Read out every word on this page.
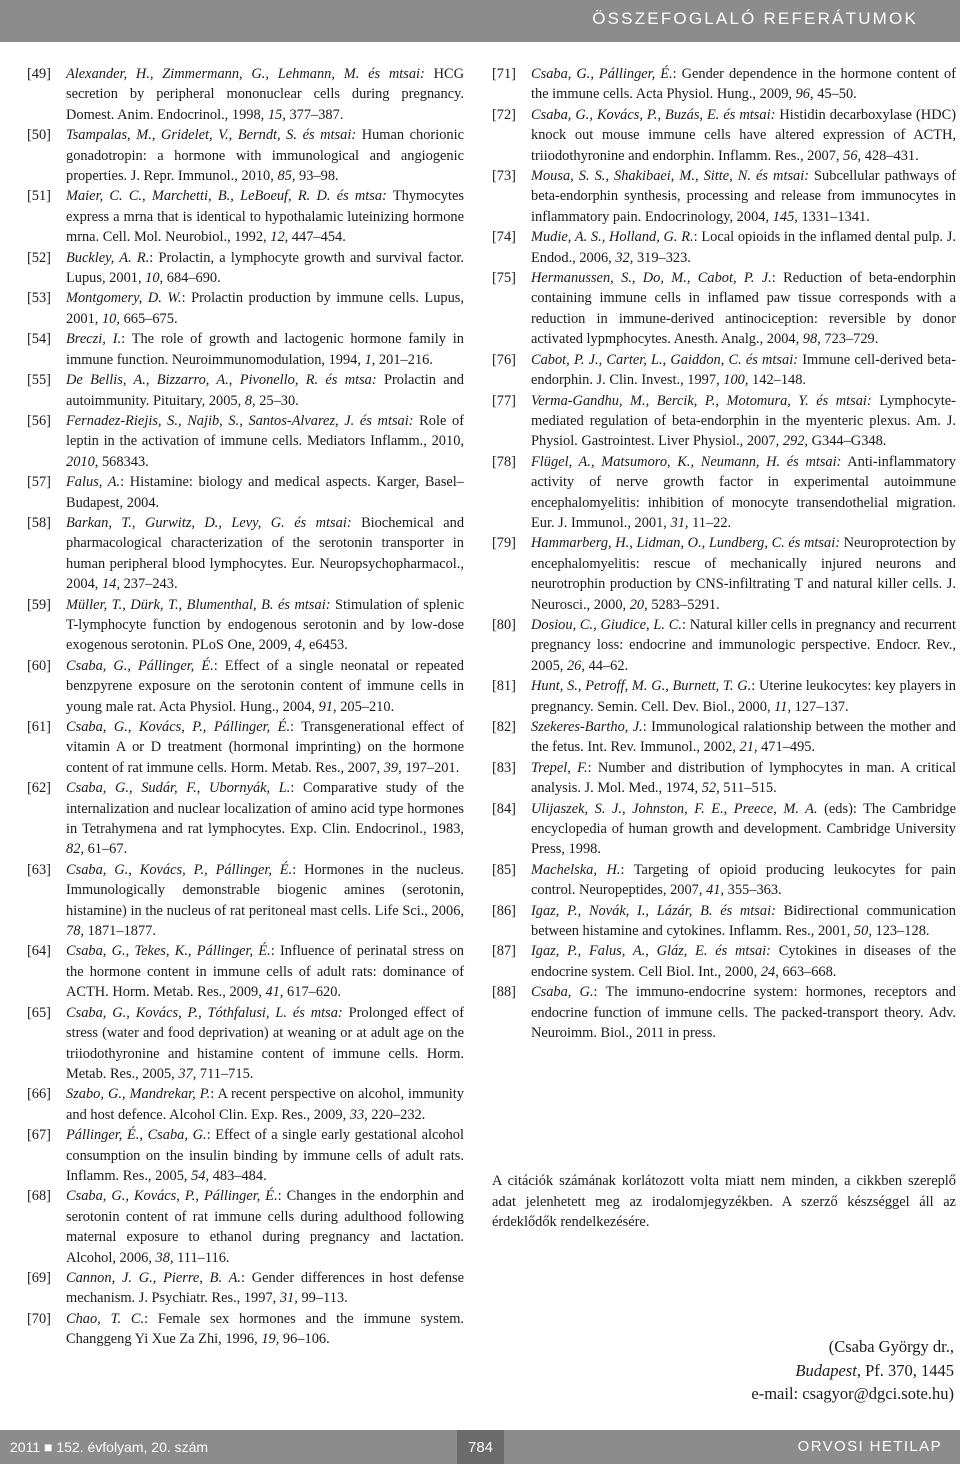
ÖSSZEFOGLALÓ REFERÁTUMOK

[49] Alexander, H., Zimmermann, G., Lehmann, M. és mtsai: HCG secretion by peripheral mononuclear cells during pregnancy. Domest. Anim. Endocrinol., 1998, 15, 377–387.

[50] Tsampalas, M., Gridelet, V., Berndt, S. és mtsai: Human chorionic gonadotropin: a hormone with immunological and angiogenic properties. J. Repr. Immunol., 2010, 85, 93–98.

[51] Maier, C. C., Marchetti, B., LeBoeuf, R. D. és mtsa: Thymocytes express a mrna that is identical to hypothalamic luteinizing hormone mrna. Cell. Mol. Neurobiol., 1992, 12, 447–454.

[52] Buckley, A. R.: Prolactin, a lymphocyte growth and survival factor. Lupus, 2001, 10, 684–690.

[53] Montgomery, D. W.: Prolactin production by immune cells. Lupus, 2001, 10, 665–675.

[54] Breczi, I.: The role of growth and lactogenic hormone family in immune function. Neuroimmunomodulation, 1994, 1, 201–216.

[55] De Bellis, A., Bizzarro, A., Pivonello, R. és mtsa: Prolactin and autoimmunity. Pituitary, 2005, 8, 25–30.

[56] Fernadez-Riejis, S., Najib, S., Santos-Alvarez, J. és mtsai: Role of leptin in the activation of immune cells. Mediators Inflamm., 2010, 2010, 568343.

[57] Falus, A.: Histamine: biology and medical aspects. Karger, Basel–Budapest, 2004.

[58] Barkan, T., Gurwitz, D., Levy, G. és mtsai: Biochemical and pharmacological characterization of the serotonin transporter in human peripheral blood lymphocytes. Eur. Neuropsychopharmacol., 2004, 14, 237–243.

[59] Müller, T., Dürk, T., Blumenthal, B. és mtsai: Stimulation of splenic T-lymphocyte function by endogenous serotonin and by low-dose exogenous serotonin. PLoS One, 2009, 4, e6453.

[60] Csaba, G., Pállinger, É.: Effect of a single neonatal or repeated benzpyrene exposure on the serotonin content of immune cells in young male rat. Acta Physiol. Hung., 2004, 91, 205–210.

[61] Csaba, G., Kovács, P., Pállinger, É.: Transgenerational effect of vitamin A or D treatment (hormonal imprinting) on the hormone content of rat immune cells. Horm. Metab. Res., 2007, 39, 197–201.

[62] Csaba, G., Sudár, F., Ubornyák, L.: Comparative study of the internalization and nuclear localization of amino acid type hormones in Tetrahymena and rat lymphocytes. Exp. Clin. Endocrinol., 1983, 82, 61–67.

[63] Csaba, G., Kovács, P., Pállinger, É.: Hormones in the nucleus. Immunologically demonstrable biogenic amines (serotonin, histamine) in the nucleus of rat peritoneal mast cells. Life Sci., 2006, 78, 1871–1877.

[64] Csaba, G., Tekes, K., Pállinger, É.: Influence of perinatal stress on the hormone content in immune cells of adult rats: dominance of ACTH. Horm. Metab. Res., 2009, 41, 617–620.

[65] Csaba, G., Kovács, P., Tóthfalusi, L. és mtsa: Prolonged effect of stress (water and food deprivation) at weaning or at adult age on the triiodothyronine and histamine content of immune cells. Horm. Metab. Res., 2005, 37, 711–715.

[66] Szabo, G., Mandrekar, P.: A recent perspective on alcohol, immunity and host defence. Alcohol Clin. Exp. Res., 2009, 33, 220–232.

[67] Pállinger, É., Csaba, G.: Effect of a single early gestational alcohol consumption on the insulin binding by immune cells of adult rats. Inflamm. Res., 2005, 54, 483–484.

[68] Csaba, G., Kovács, P., Pállinger, É.: Changes in the endorphin and serotonin content of rat immune cells during adulthood following maternal exposure to ethanol during pregnancy and lactation. Alcohol, 2006, 38, 111–116.

[69] Cannon, J. G., Pierre, B. A.: Gender differences in host defense mechanism. J. Psychiatr. Res., 1997, 31, 99–113.

[70] Chao, T. C.: Female sex hormones and the immune system. Changgeng Yi Xue Za Zhi, 1996, 19, 96–106.

[71] Csaba, G., Pállinger, É.: Gender dependence in the hormone content of the immune cells. Acta Physiol. Hung., 2009, 96, 45–50.

[72] Csaba, G., Kovács, P., Buzás, E. és mtsai: Histidin decarboxylase (HDC) knock out mouse immune cells have altered expression of ACTH, triiodothyronine and endorphin. Inflamm. Res., 2007, 56, 428–431.

[73] Mousa, S. S., Shakibaei, M., Sitte, N. és mtsai: Subcellular pathways of beta-endorphin synthesis, processing and release from immunocytes in inflammatory pain. Endocrinology, 2004, 145, 1331–1341.

[74] Mudie, A. S., Holland, G. R.: Local opioids in the inflamed dental pulp. J. Endod., 2006, 32, 319–323.

[75] Hermanussen, S., Do, M., Cabot, P. J.: Reduction of beta-endorphin containing immune cells in inflamed paw tissue corresponds with a reduction in immune-derived antinociception: reversible by donor activated lypmphocytes. Anesth. Analg., 2004, 98, 723–729.

[76] Cabot, P. J., Carter, L., Gaiddon, C. és mtsai: Immune cell-derived beta-endorphin. J. Clin. Invest., 1997, 100, 142–148.

[77] Verma-Gandhu, M., Bercik, P., Motomura, Y. és mtsai: Lymphocyte-mediated regulation of beta-endorphin in the myenteric plexus. Am. J. Physiol. Gastrointest. Liver Physiol., 2007, 292, G344–G348.

[78] Flügel, A., Matsumoro, K., Neumann, H. és mtsai: Anti-inflammatory activity of nerve growth factor in experimental autoimmune encephalomyelitis: inhibition of monocyte transendothelial migration. Eur. J. Immunol., 2001, 31, 11–22.

[79] Hammarberg, H., Lidman, O., Lundberg, C. és mtsai: Neuroprotection by encephalomyelitis: rescue of mechanically injured neurons and neurotrophin production by CNS-infiltrating T and natural killer cells. J. Neurosci., 2000, 20, 5283–5291.

[80] Dosiou, C., Giudice, L. C.: Natural killer cells in pregnancy and recurrent pregnancy loss: endocrine and immunologic perspective. Endocr. Rev., 2005, 26, 44–62.

[81] Hunt, S., Petroff, M. G., Burnett, T. G.: Uterine leukocytes: key players in pregnancy. Semin. Cell. Dev. Biol., 2000, 11, 127–137.

[82] Szekeres-Bartho, J.: Immunological ralationship between the mother and the fetus. Int. Rev. Immunol., 2002, 21, 471–495.

[83] Trepel, F.: Number and distribution of lymphocytes in man. A critical analysis. J. Mol. Med., 1974, 52, 511–515.

[84] Ulijaszek, S. J., Johnston, F. E., Preece, M. A. (eds): The Cambridge encyclopedia of human growth and development. Cambridge University Press, 1998.

[85] Machelska, H.: Targeting of opioid producing leukocytes for pain control. Neuropeptides, 2007, 41, 355–363.

[86] Igaz, P., Novák, I., Lázár, B. és mtsai: Bidirectional communication between histamine and cytokines. Inflamm. Res., 2001, 50, 123–128.

[87] Igaz, P., Falus, A., Gláz, E. és mtsai: Cytokines in diseases of the endocrine system. Cell Biol. Int., 2000, 24, 663–668.

[88] Csaba, G.: The immuno-endocrine system: hormones, receptors and endocrine function of immune cells. The packed-transport theory. Adv. Neuroimm. Biol., 2011 in press.

A citációk számának korlátozott volta miatt nem minden, a cikkben szereplő adat jelenhetett meg az irodalomjegyzékben. A szerző készséggel áll az érdeklődők rendelkezésére.

(Csaba György dr.,
Budapest, Pf. 370, 1445
e-mail: csagyor@dgci.sote.hu)
2011 ■ 152. évfolyam, 20. szám	784	ORVOSI HETILAP
